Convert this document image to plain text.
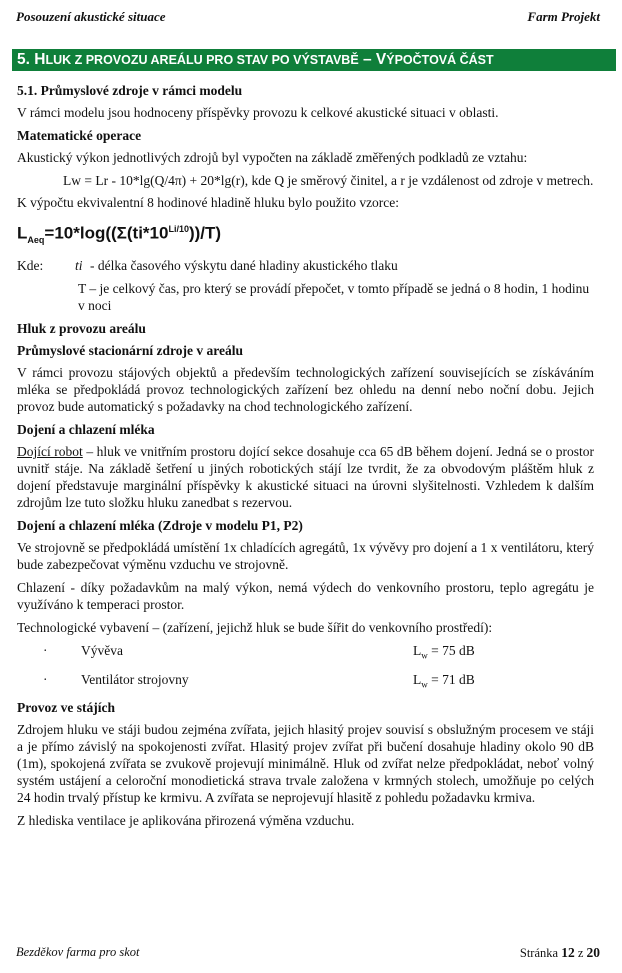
Posouzení akustické situace	Farm Projekt
5. HLUK Z PROVOZU AREÁLU PRO STAV PO VÝSTAVBĚ – VÝPOČTOVÁ ČÁST
5.1. Průmyslové zdroje v rámci modelu
V rámci modelu jsou hodnoceny příspěvky provozu k celkové akustické situaci v oblasti.
Matematické operace
Akustický výkon jednotlivých zdrojů byl vypočten na základě změřených podkladů ze vztahu:
Lw = Lr - 10*lg(Q/4π) + 20*lg(r), kde Q je směrový činitel, a r je vzdálenost od zdroje v metrech.
K výpočtu ekvivalentní 8 hodinové hladině hluku bylo použito vzorce:
$L_{Aeq}=10*\log((\Sigma(ti*10^{Li/10}))/T)$
Kde:	ti - délka časového výskytu dané hladiny akustického tlaku
T – je celkový čas, pro který se provádí přepočet, v tomto případě se jedná o 8 hodin, 1 hodinu v noci
Hluk z provozu areálu
Průmyslové stacionární zdroje v areálu
V rámci provozu stájových objektů a především technologických zařízení souvisejících se získáváním mléka se předpokládá provoz technologických zařízení bez ohledu na denní nebo noční dobu. Jejich provoz bude automatický s požadavky na chod technologického zařízení.
Dojení a chlazení mléka
Dojící robot – hluk ve vnitřním prostoru dojící sekce dosahuje cca 65 dB během dojení. Jedná se o prostor uvnitř stáje. Na základě šetření u jiných robotických stájí lze tvrdit, že za obvodovým pláštěm hluk z dojení představuje marginální příspěvky k akustické situaci na úrovni slyšitelnosti. Vzhledem k dalším zdrojům lze tuto složku hluku zanedbat s rezervou.
Dojení a chlazení mléka (Zdroje v modelu P1, P2)
Ve strojovně se předpokládá umístění 1x chladících agregátů, 1x vývěvy pro dojení a 1 x ventilátoru, který bude zabezpečovat výměnu vzduchu ve strojovně.
Chlazení - díky požadavkům na malý výkon, nemá výdech do venkovního prostoru, teplo agregátu je využíváno k temperaci prostor.
Technologické vybavení – (zařízení, jejichž hluk se bude šířit do venkovního prostředí):
·	Vývěva	$L_w = 75$ dB
·	Ventilátor strojovny	$L_w = 71$ dB
Provoz ve stájích
Zdrojem hluku ve stáji budou zejména zvířata, jejich hlasitý projev souvisí s obslužným procesem ve stáji a je přímo závislý na spokojenosti zvířat. Hlasitý projev zvířat při bučení dosahuje hladiny okolo 90 dB (1m), spokojená zvířata se zvukově projevují minimálně. Hluk od zvířat nelze předpokládat, neboť volný systém ustájení a celoroční monodietická strava trvale založena v krmných stolech, umožňuje po celých 24 hodin trvalý přístup ke krmivu. A zvířata se neprojevují hlasitě z pohledu požadavku krmiva.
Z hlediska ventilace je aplikována přirozená výměna vzduchu.
Bezděkov farma pro skot	Stránka 12 z 20
